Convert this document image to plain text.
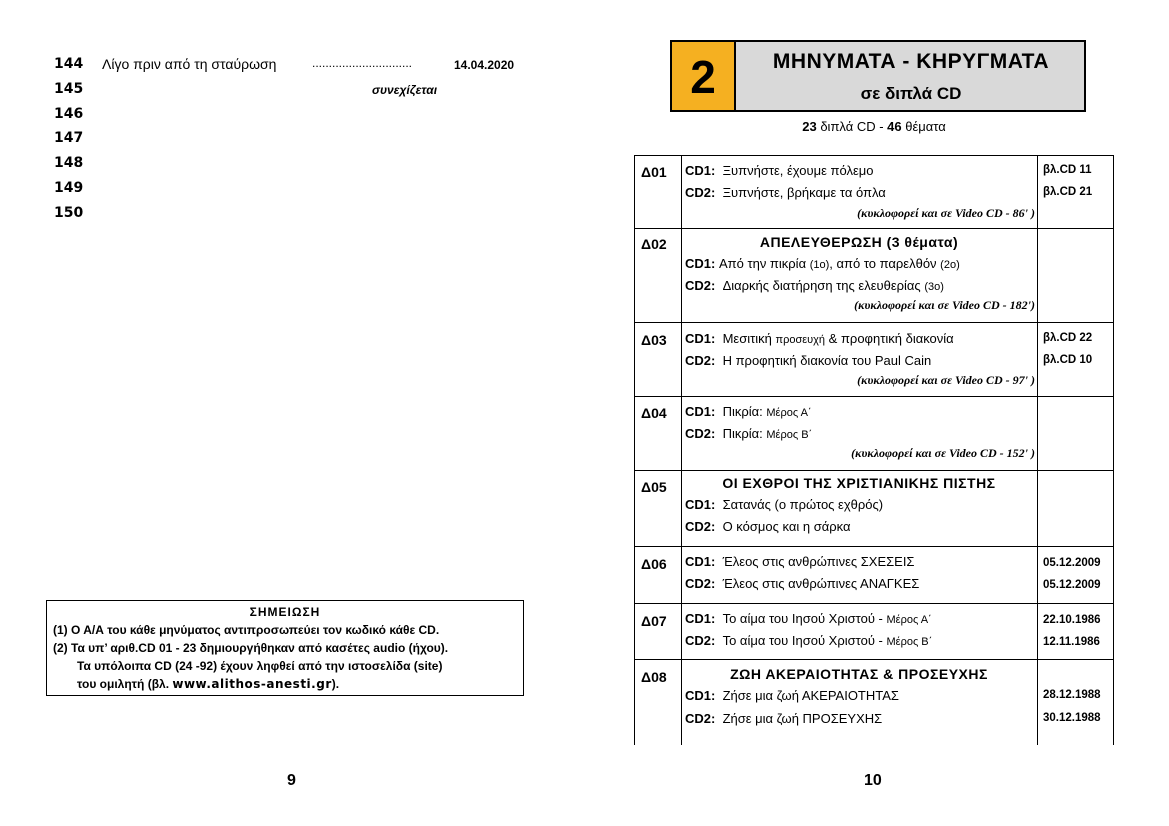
144	Λίγο πριν από τη σταύρωση	..............................	14.04.2020
145	συνεχίζεται
146
147
148
149
150
ΣΗΜΕΙΩΣΗ
(1) Ο Α/Α του κάθε μηνύματος αντιπροσωπεύει τον κωδικό κάθε CD.
(2) Τα υπ’ αριθ.CD 01 - 23 δημιουργήθηκαν από κασέτες audio (ήχου).
Τα υπόλοιπα CD (24 -92) έχουν ληφθεί από την ιστοσελίδα (site)
του ομιλητή (βλ. www.alithos-anesti.gr).
9
2	ΜΗΝΥΜΑΤΑ - ΚΗΡΥΓΜΑΤΑ
σε διπλά CD
23 διπλά CD - 46 θέματα
Δ01 CD1: Ξυπνήστε, έχουμε πόλεμο	βλ.CD 11
CD2: Ξυπνήστε, βρήκαμε τα όπλα	βλ.CD 21
(κυκλοφορεί και σε Video CD - 86' )
Δ02	ΑΠΕΛΕΥΘΕΡΩΣΗ (3 θέματα)
CD1: Από την πικρία (1ο), από το παρελθόν (2ο)
CD2: Διαρκής διατήρηση της ελευθερίας (3ο)
(κυκλοφορεί και σε Video CD - 182')
Δ03 CD1: Μεσιτική προσευχή & προφητική διακονία	βλ.CD 22
CD2: Η προφητική διακονία του Paul Cain	βλ.CD 10
(κυκλοφορεί και σε Video CD - 97' )
Δ04 CD1: Πικρία: Μέρος Α΄
CD2: Πικρία: Μέρος Β΄
(κυκλοφορεί και σε Video CD - 152' )
Δ05	ΟΙ ΕΧΘΡΟΙ ΤΗΣ ΧΡΙΣΤΙΑΝΙΚΗΣ ΠΙΣΤΗΣ
CD1: Σατανάς (ο πρώτος εχθρός)
CD2: Ο κόσμος και η σάρκα
Δ06 CD1: Έλεος στις ανθρώπινες ΣΧΕΣΕΙΣ	05.12.2009
CD2: Έλεος στις ανθρώπινες ΑΝΑΓΚΕΣ	05.12.2009
Δ07 CD1: Το αίμα του Ιησού Χριστού - Μέρος Α΄	22.10.1986
CD2: Το αίμα του Ιησού Χριστού - Μέρος Β΄	12.11.1986
Δ08	ΖΩΗ ΑΚΕΡΑΙΟΤΗΤΑΣ & ΠΡΟΣΕΥΧΗΣ
CD1: Ζήσε μια ζωή ΑΚΕΡΑΙΟΤΗΤΑΣ	28.12.1988
CD2: Ζήσε μια ζωή ΠΡΟΣΕΥΧΗΣ	30.12.1988
10
